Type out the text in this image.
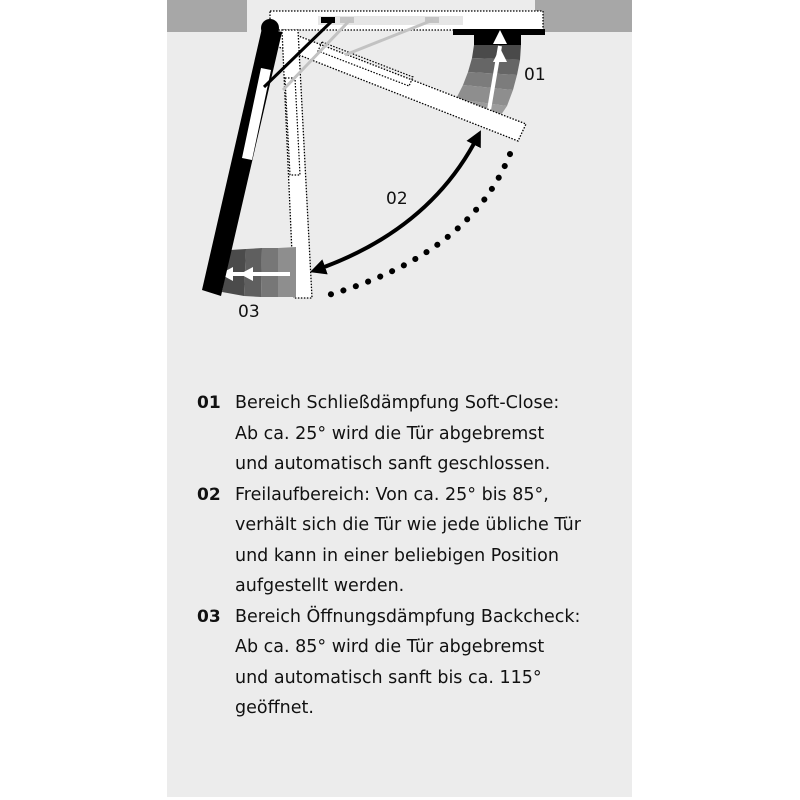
01
02
03
01 Bereich Schließdämpfung Soft-Close:
Ab ca. 25° wird die Tür abgebremst
und automatisch sanft geschlossen.
02 Freilaufbereich: Von ca. 25° bis 85°,
verhält sich die Tür wie jede übliche Tür
und kann in einer beliebigen Position
aufgestellt werden.
03 Bereich Öffnungsdämpfung Backcheck:
Ab ca. 85° wird die Tür abgebremst
und automatisch sanft bis ca. 115°
geöffnet.
